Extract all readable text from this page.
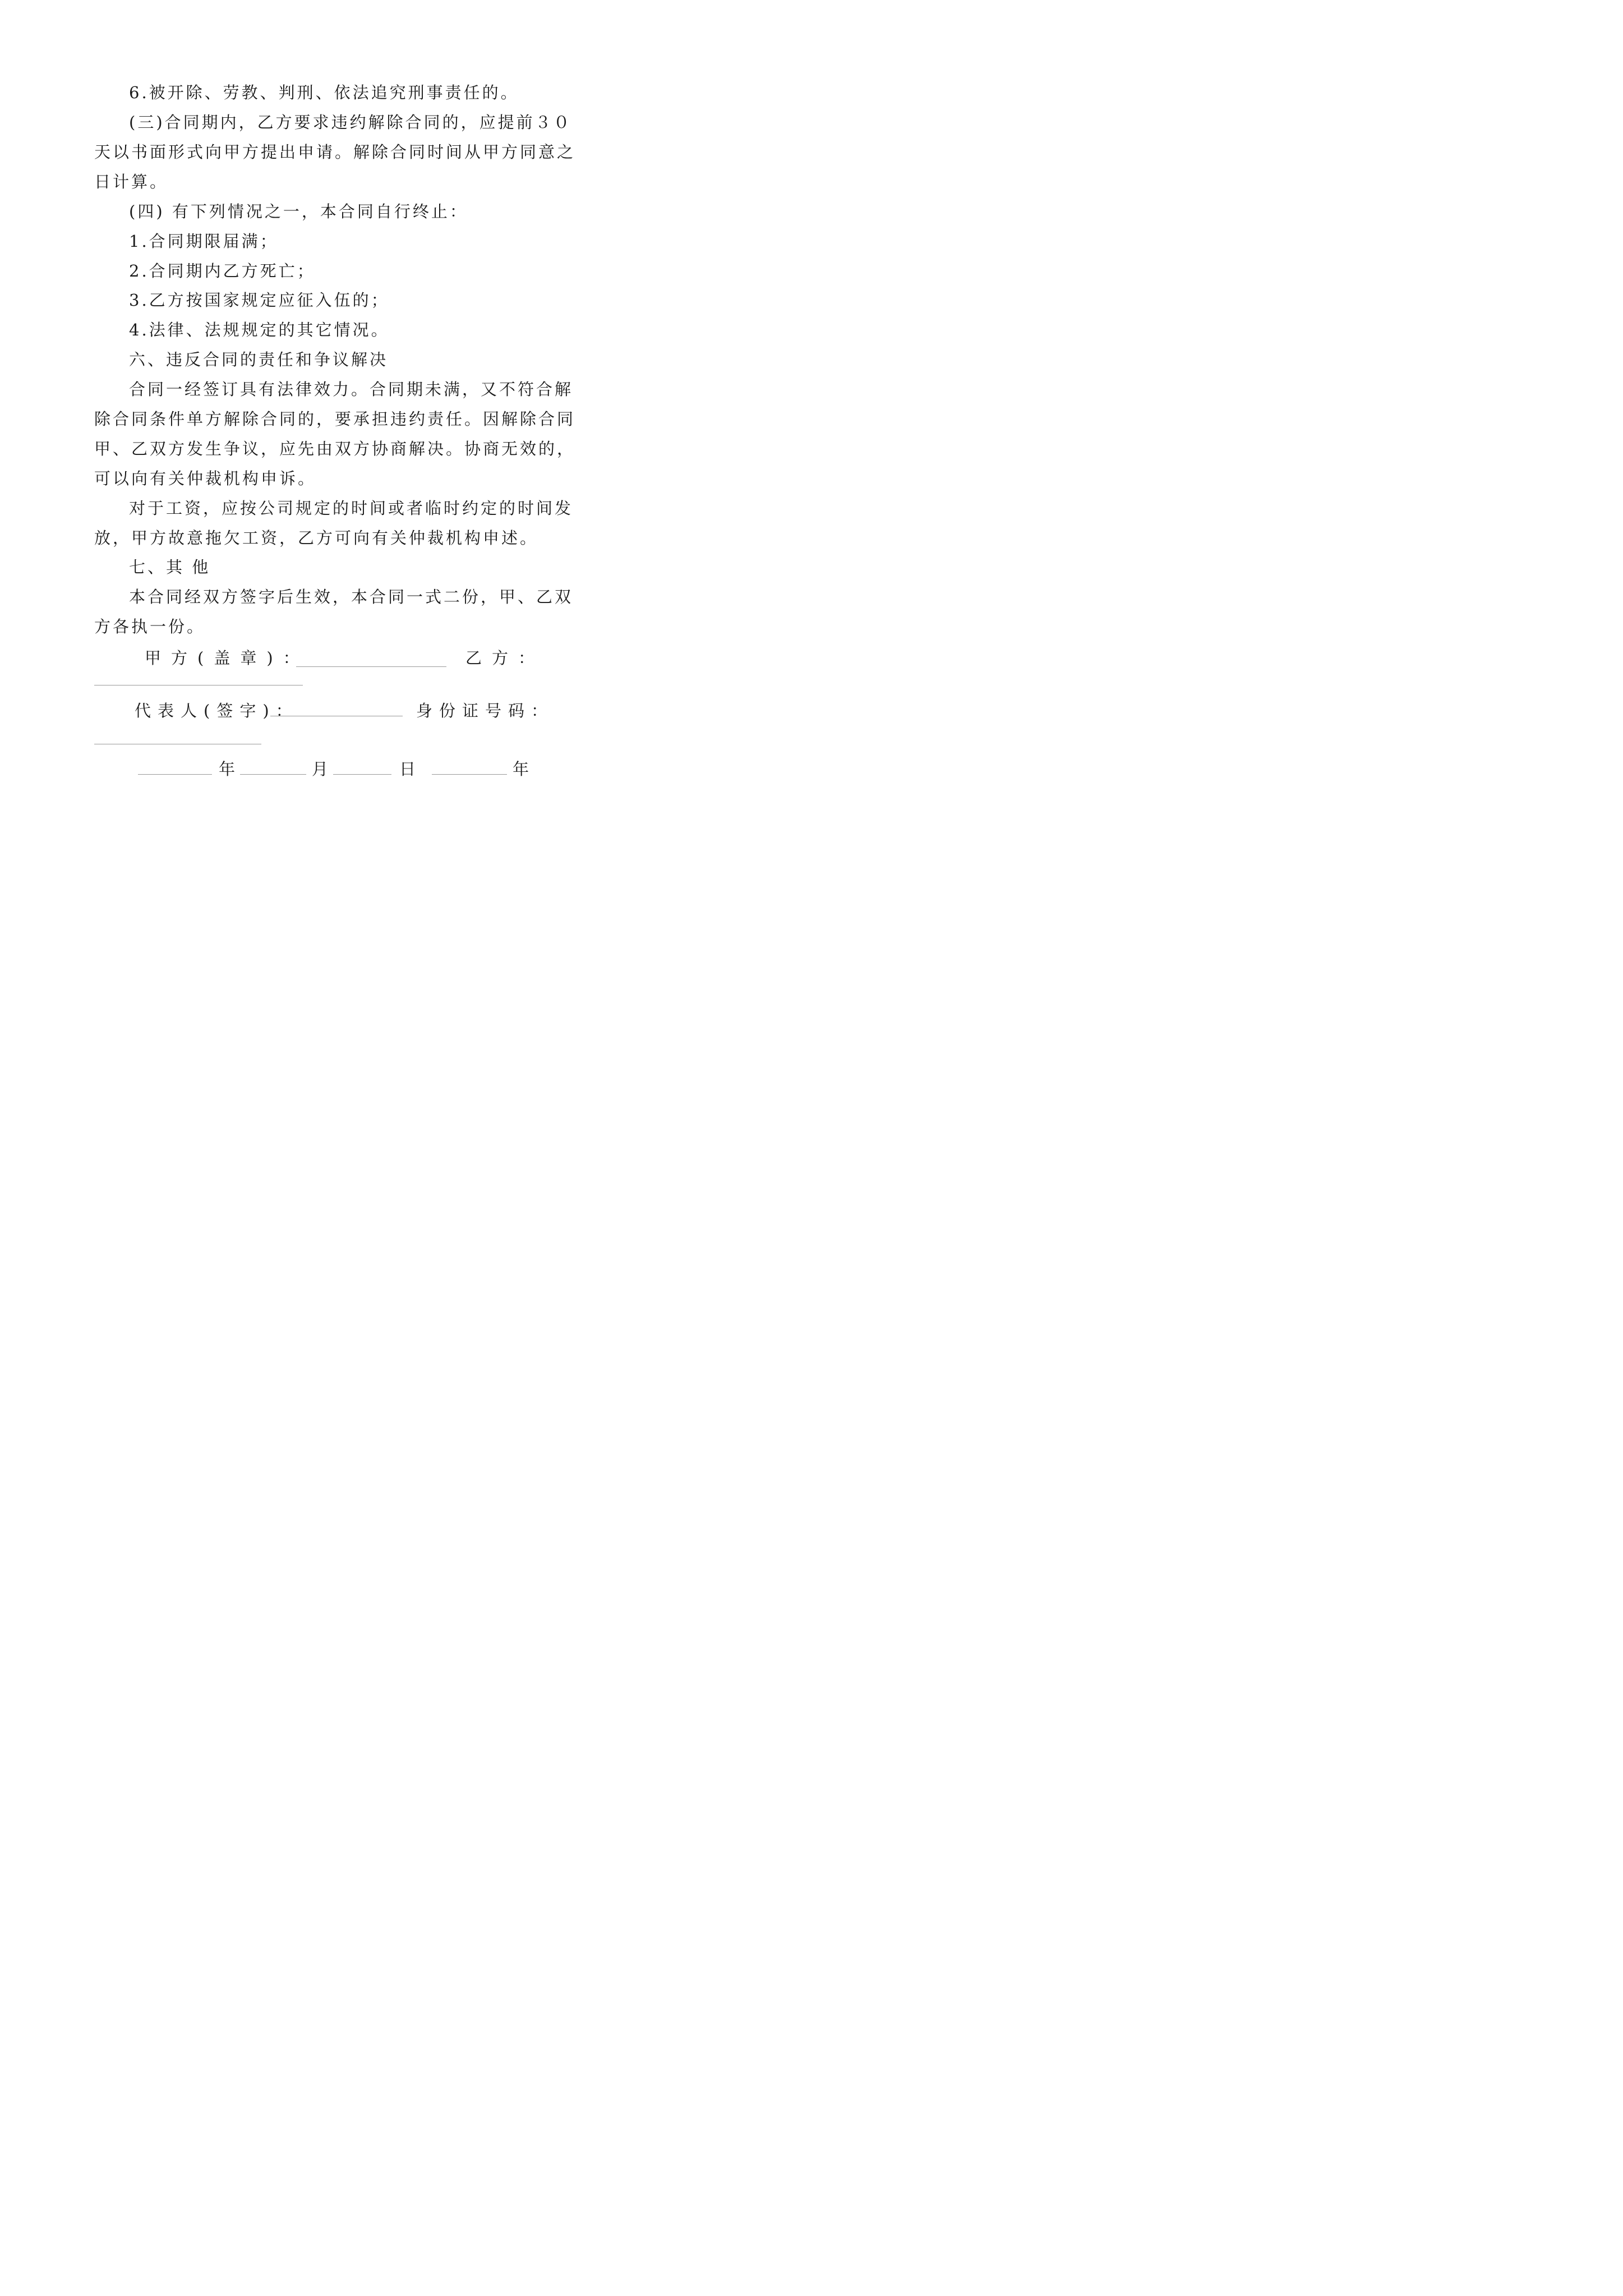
6.被开除、劳教、判刑、依法追究刑事责任的。
(三)合同期内，乙方要求违约解除合同的，应提前３０
天以书面形式向甲方提出申请。解除合同时间从甲方同意之
日计算。
(四) 有下列情况之一，本合同自行终止：
1.合同期限届满；
2.合同期内乙方死亡；
3.乙方按国家规定应征入伍的；
4.法律、法规规定的其它情况。
六、违反合同的责任和争议解决
合同一经签订具有法律效力。合同期未满，又不符合解
除合同条件单方解除合同的，要承担违约责任。因解除合同
甲、乙双方发生争议，应先由双方协商解决。协商无效的，
可以向有关仲裁机构申诉。
对于工资，应按公司规定的时间或者临时约定的时间发
放，甲方故意拖欠工资，乙方可向有关仲裁机构申述。
七、其 他
本合同经双方签字后生效，本合同一式二份，甲、乙双
方各执一份。
甲方(盖章)：	乙方：
代表人(签字)：	身份证号码：
年	月	日	年
